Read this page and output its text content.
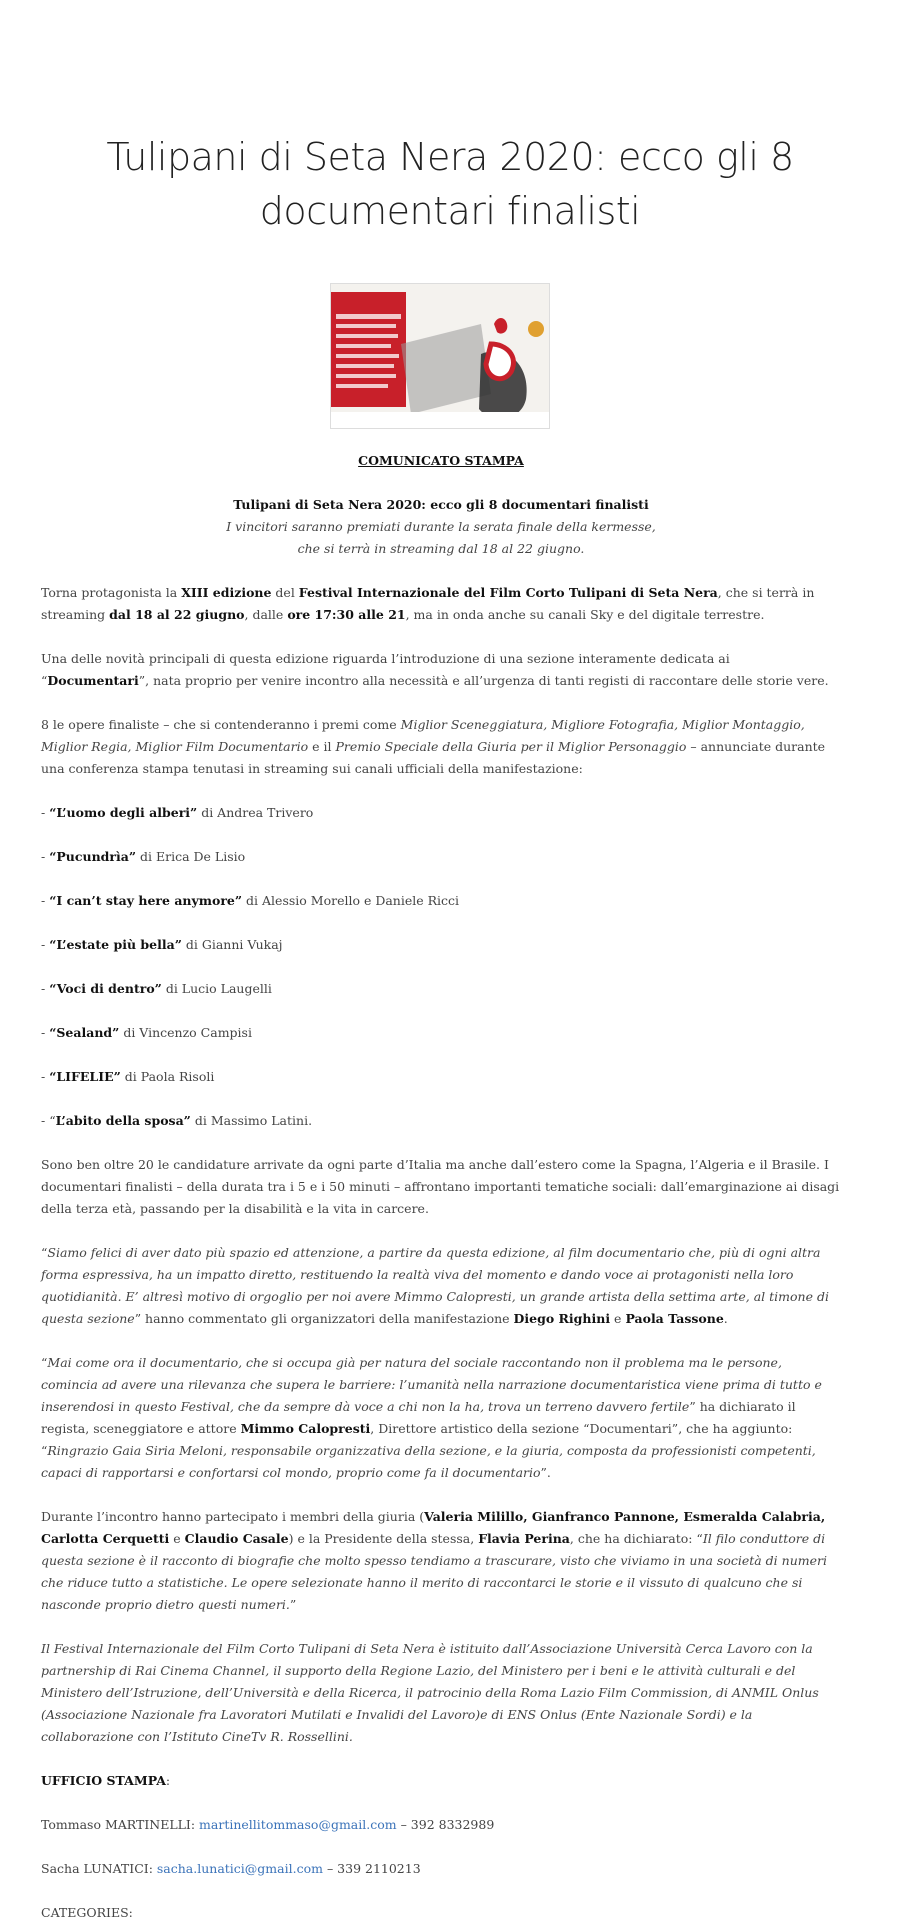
Tulipani di Seta Nera 2020: ecco gli 8 documentari finalisti

COMUNICATO STAMPA

Tulipani di Seta Nera 2020: ecco gli 8 documentari finalisti

I vincitori saranno premiati durante la serata finale della kermesse,

che si terrà in streaming dal 18 al 22 giugno.

Torna protagonista la XIII edizione del Festival Internazionale del Film Corto Tulipani di Seta Nera, che si terrà in streaming dal 18 al 22 giugno, dalle ore 17:30 alle 21, ma in onda anche su canali Sky e del digitale terrestre.

Una delle novità principali di questa edizione riguarda l’introduzione di una sezione interamente dedicata ai “Documentari”, nata proprio per venire incontro alla necessità e all’urgenza di tanti registi di raccontare delle storie vere.

8 le opere finaliste – che si contenderanno i premi come Miglior Sceneggiatura, Migliore Fotografia, Miglior Montaggio, Miglior Regia, Miglior Film Documentario e il Premio Speciale della Giuria per il Miglior Personaggio – annunciate durante una conferenza stampa tenutasi in streaming sui canali ufficiali della manifestazione:

- “L’uomo degli alberi” di Andrea Trivero

- “Pucundrìa” di Erica De Lisio

- “I can’t stay here anymore” di Alessio Morello e Daniele Ricci

- “L’estate più bella” di Gianni Vukaj

- “Voci di dentro” di Lucio Laugelli

- “Sealand” di Vincenzo Campisi

- “LIFELIE” di Paola Risoli

- “L’abito della sposa” di Massimo Latini.

Sono ben oltre 20 le candidature arrivate da ogni parte d’Italia ma anche dall’estero come la Spagna, l’Algeria e il Brasile. I documentari finalisti – della durata tra i 5 e i 50 minuti – affrontano importanti tematiche sociali: dall’emarginazione ai disagi della terza età, passando per la disabilità e la vita in carcere.

“Siamo felici di aver dato più spazio ed attenzione, a partire da questa edizione, al film documentario che, più di ogni altra forma espressiva, ha un impatto diretto, restituendo la realtà viva del momento e dando voce ai protagonisti nella loro quotidianità. E’ altresì motivo di orgoglio per noi avere Mimmo Calopresti, un grande artista della settima arte, al timone di questa sezione” hanno commentato gli organizzatori della manifestazione Diego Righini e Paola Tassone.

“Mai come ora il documentario, che si occupa già per natura del sociale raccontando non il problema ma le persone, comincia ad avere una rilevanza che supera le barriere: l’umanità nella narrazione documentaristica viene prima di tutto e inserendosi in questo Festival, che da sempre dà voce a chi non la ha, trova un terreno davvero fertile” ha dichiarato il regista, sceneggiatore e attore Mimmo Calopresti, Direttore artistico della sezione “Documentari”, che ha aggiunto: “Ringrazio Gaia Siria Meloni, responsabile organizzativa della sezione, e la giuria, composta da professionisti competenti, capaci di rapportarsi e confortarsi col mondo, proprio come fa il documentario”.

Durante l’incontro hanno partecipato i membri della giuria (Valeria Milillo, Gianfranco Pannone, Esmeralda Calabria, Carlotta Cerquetti e Claudio Casale) e la Presidente della stessa, Flavia Perina, che ha dichiarato: “Il filo conduttore di questa sezione è il racconto di biografie che molto spesso tendiamo a trascurare, visto che viviamo in una società di numeri che riduce tutto a statistiche. Le opere selezionate hanno il merito di raccontarci le storie e il vissuto di qualcuno che si nasconde proprio dietro questi numeri.”

Il Festival Internazionale del Film Corto Tulipani di Seta Nera è istituito dall’Associazione Università Cerca Lavoro con la partnership di Rai Cinema Channel, il supporto della Regione Lazio, del Ministero per i beni e le attività culturali e del Ministero dell’Istruzione, dell’Università e della Ricerca, il patrocinio della Roma Lazio Film Commission, di ANMIL Onlus (Associazione Nazionale fra Lavoratori Mutilati e Invalidi del Lavoro)e di ENS Onlus (Ente Nazionale Sordi) e la collaborazione con l’Istituto CineTv R. Rossellini.

UFFICIO STAMPA:

Tommaso MARTINELLI: martinellitommaso@gmail.com – 392 8332989

Sacha LUNATICI: sacha.lunatici@gmail.com – 339 2110213

CATEGORIES:
